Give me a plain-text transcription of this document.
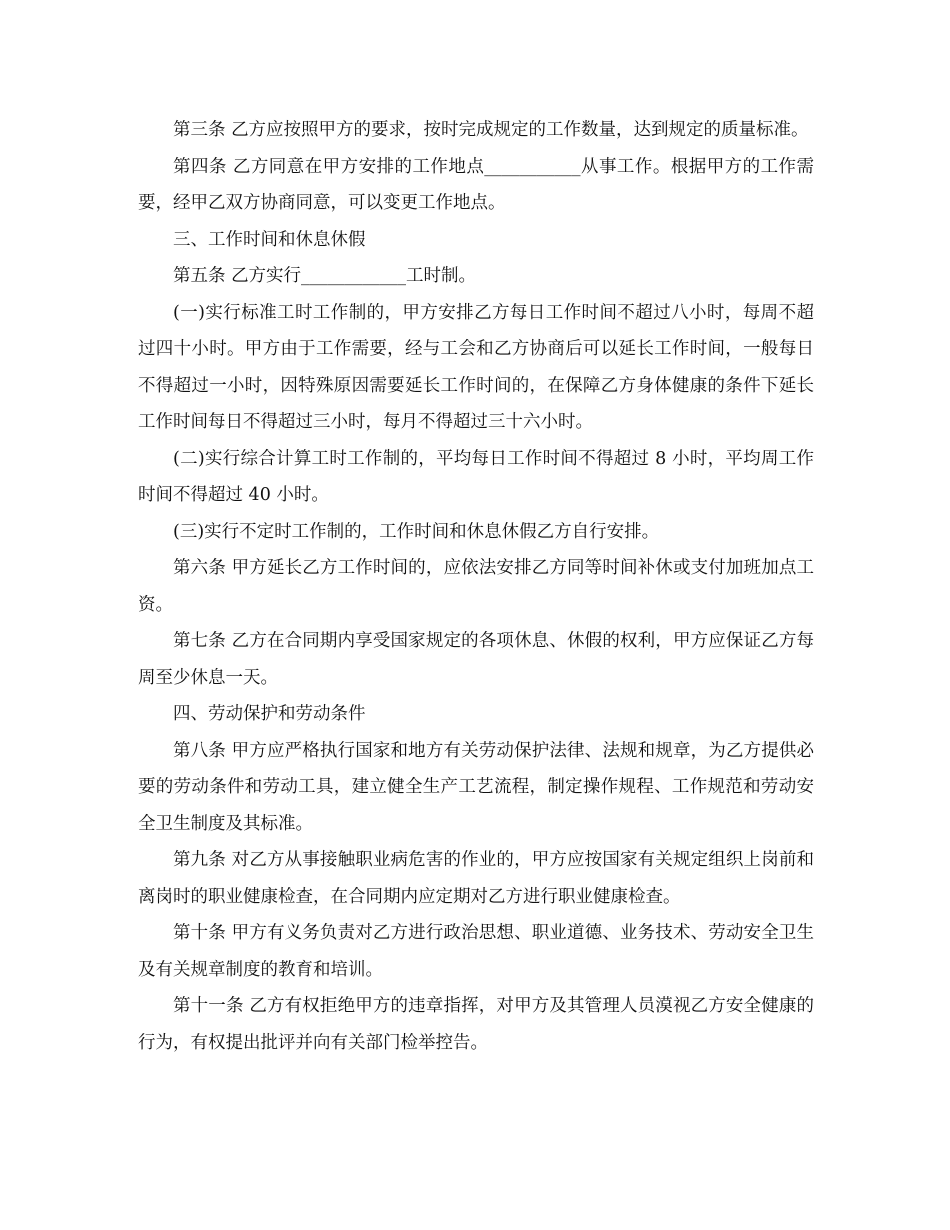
第三条 乙方应按照甲方的要求，按时完成规定的工作数量，达到规定的质量标准。

第四条 乙方同意在甲方安排的工作地点___________从事工作。根据甲方的工作需要，经甲乙双方协商同意，可以变更工作地点。

三、工作时间和休息休假

第五条 乙方实行____________工时制。

(一)实行标准工时工作制的，甲方安排乙方每日工作时间不超过八小时，每周不超过四十小时。甲方由于工作需要，经与工会和乙方协商后可以延长工作时间，一般每日不得超过一小时，因特殊原因需要延长工作时间的，在保障乙方身体健康的条件下延长工作时间每日不得超过三小时，每月不得超过三十六小时。

(二)实行综合计算工时工作制的，平均每日工作时间不得超过 8 小时，平均周工作时间不得超过 40 小时。

(三)实行不定时工作制的，工作时间和休息休假乙方自行安排。

第六条 甲方延长乙方工作时间的，应依法安排乙方同等时间补休或支付加班加点工资。

第七条 乙方在合同期内享受国家规定的各项休息、休假的权利，甲方应保证乙方每周至少休息一天。

四、劳动保护和劳动条件

第八条 甲方应严格执行国家和地方有关劳动保护法律、法规和规章，为乙方提供必要的劳动条件和劳动工具，建立健全生产工艺流程，制定操作规程、工作规范和劳动安全卫生制度及其标准。

第九条 对乙方从事接触职业病危害的作业的，甲方应按国家有关规定组织上岗前和离岗时的职业健康检查，在合同期内应定期对乙方进行职业健康检查。

第十条 甲方有义务负责对乙方进行政治思想、职业道德、业务技术、劳动安全卫生及有关规章制度的教育和培训。

第十一条 乙方有权拒绝甲方的违章指挥，对甲方及其管理人员漠视乙方安全健康的行为，有权提出批评并向有关部门检举控告。
